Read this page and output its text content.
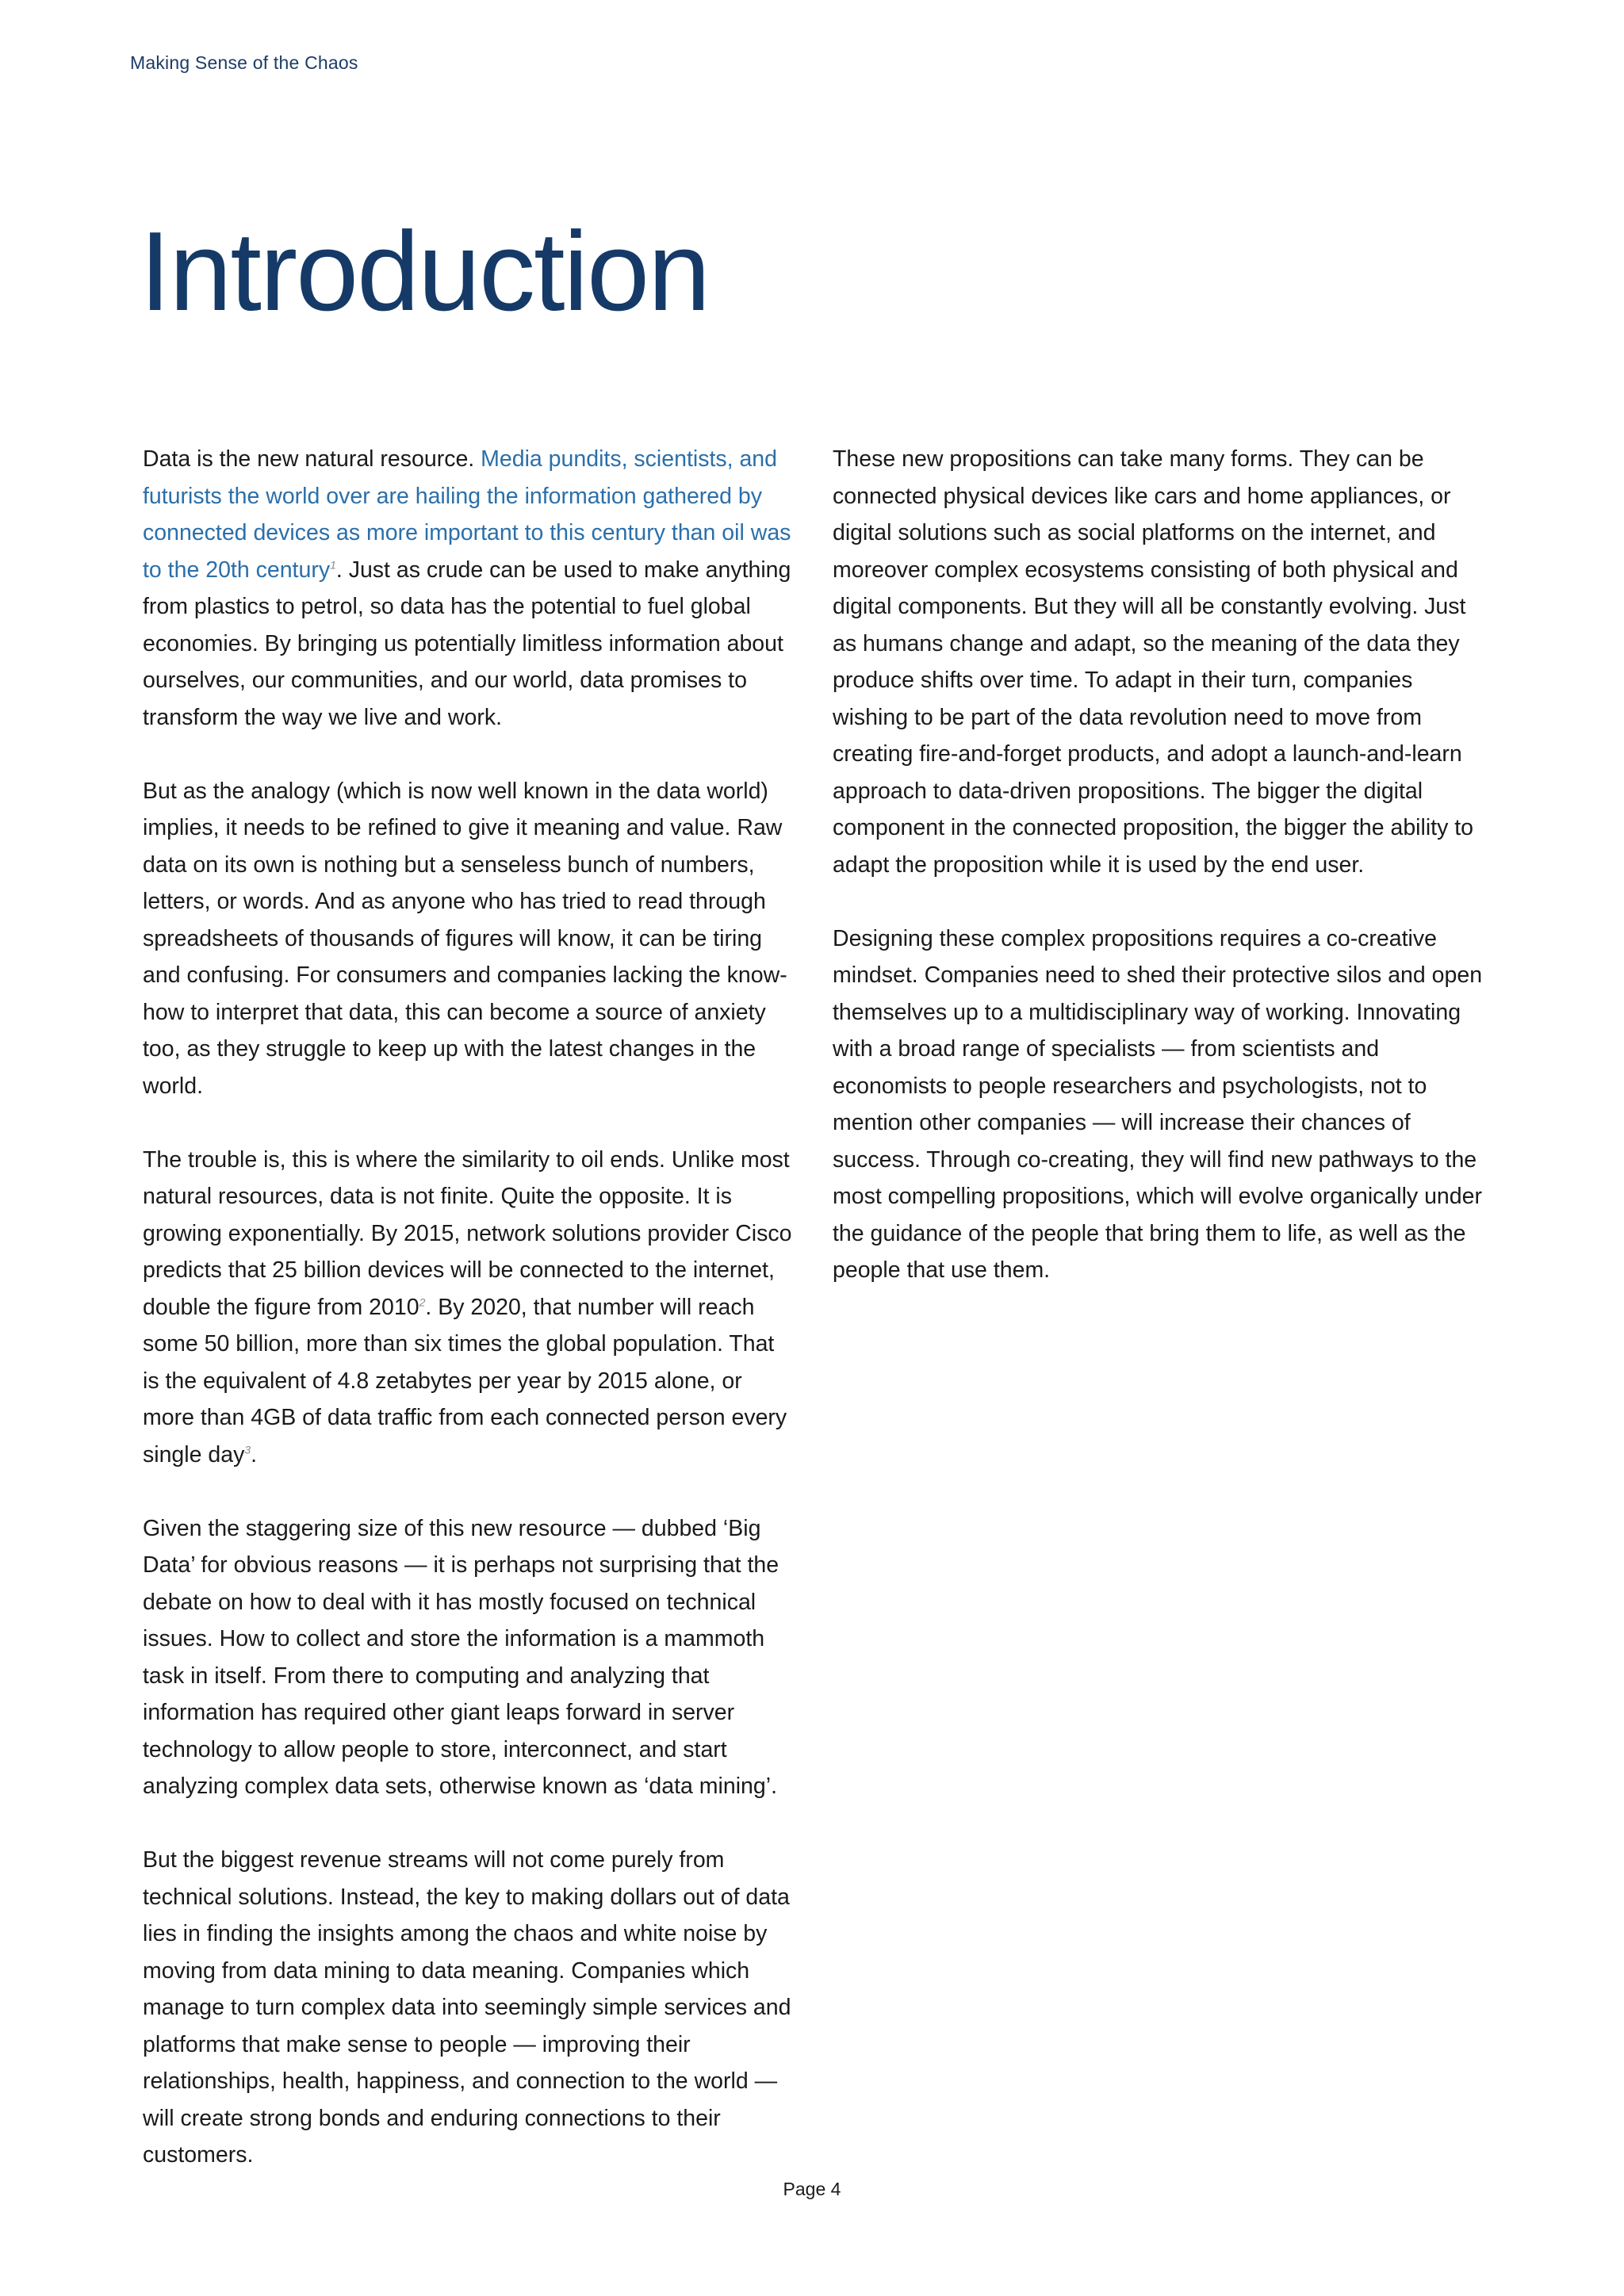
Making Sense of the Chaos
Introduction

Data is the new natural resource. Media pundits, scientists, and futurists the world over are hailing the information gathered by connected devices as more important to this century than oil was to the 20th century$^1$. Just as crude can be used to make anything from plastics to petrol, so data has the potential to fuel global economies. By bringing us potentially limitless information about ourselves, our communities, and our world, data promises to transform the way we live and work.

But as the analogy (which is now well known in the data world) implies, it needs to be refined to give it meaning and value. Raw data on its own is nothing but a senseless bunch of numbers, letters, or words. And as anyone who has tried to read through spreadsheets of thousands of figures will know, it can be tiring and confusing. For consumers and companies lacking the know-how to interpret that data, this can become a source of anxiety too, as they struggle to keep up with the latest changes in the world.

The trouble is, this is where the similarity to oil ends. Unlike most natural resources, data is not finite. Quite the opposite. It is growing exponentially. By 2015, network solutions provider Cisco predicts that 25 billion devices will be connected to the internet, double the figure from 2010$^2$. By 2020, that number will reach some 50 billion, more than six times the global population. That is the equivalent of 4.8 zetabytes per year by 2015 alone, or more than 4GB of data traffic from each connected person every single day$^3$.

Given the staggering size of this new resource — dubbed ‘Big Data’ for obvious reasons — it is perhaps not surprising that the debate on how to deal with it has mostly focused on technical issues. How to collect and store the information is a mammoth task in itself. From there to computing and analyzing that information has required other giant leaps forward in server technology to allow people to store, interconnect, and start analyzing complex data sets, otherwise known as ‘data mining’.

But the biggest revenue streams will not come purely from technical solutions. Instead, the key to making dollars out of data lies in finding the insights among the chaos and white noise by moving from data mining to data meaning. Companies which manage to turn complex data into seemingly simple services and platforms that make sense to people — improving their relationships, health, happiness, and connection to the world — will create strong bonds and enduring connections to their customers.

These new propositions can take many forms. They can be connected physical devices like cars and home appliances, or digital solutions such as social platforms on the internet, and moreover complex ecosystems consisting of both physical and digital components. But they will all be constantly evolving. Just as humans change and adapt, so the meaning of the data they produce shifts over time. To adapt in their turn, companies wishing to be part of the data revolution need to move from creating fire-and-forget products, and adopt a launch-and-learn approach to data-driven propositions. The bigger the digital component in the connected proposition, the bigger the ability to adapt the proposition while it is used by the end user.

Designing these complex propositions requires a co-creative mindset. Companies need to shed their protective silos and open themselves up to a multidisciplinary way of working. Innovating with a broad range of specialists — from scientists and economists to people researchers and psychologists, not to mention other companies — will increase their chances of success. Through co-creating, they will find new pathways to the most compelling propositions, which will evolve organically under the guidance of the people that bring them to life, as well as the people that use them.

Page 4
